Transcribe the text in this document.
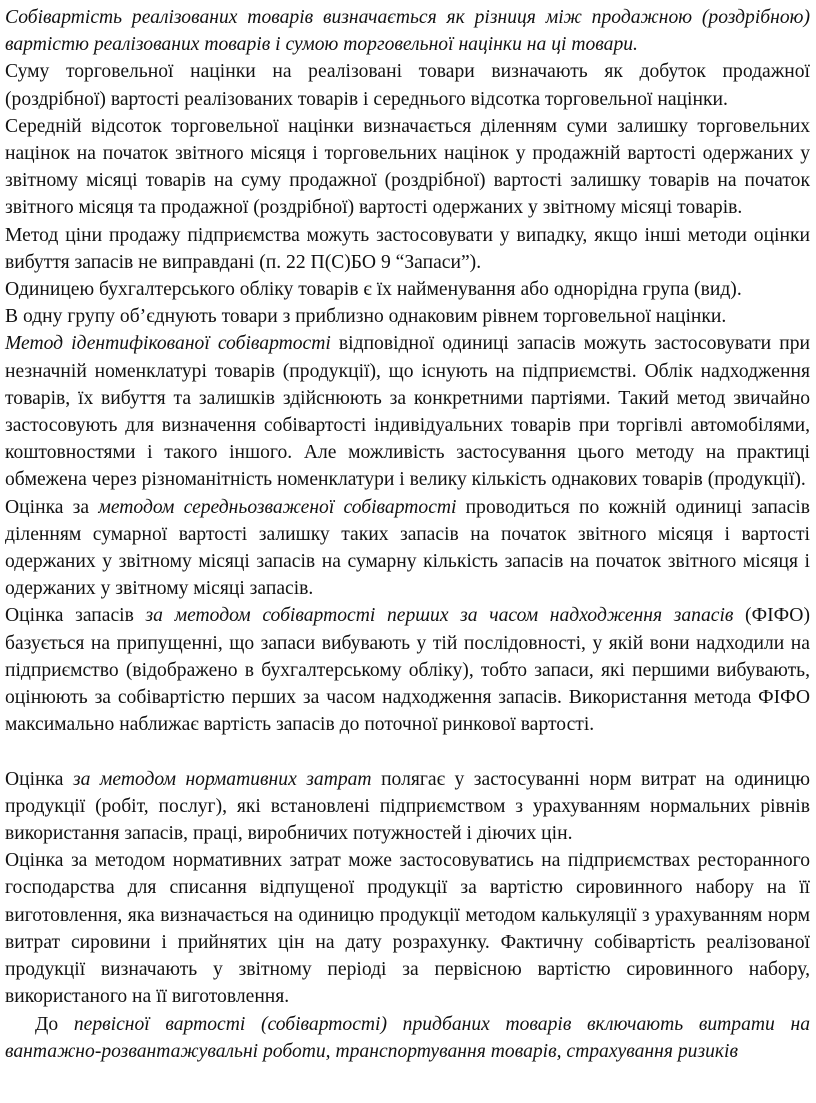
Собівартість реалізованих товарів визначається як різниця між продажною (роздрібною) вартістю реалізованих товарів і сумою торговельної націнки на ці товари.

Суму торговельної націнки на реалізовані товари визначають як добуток продажної (роздрібної) вартості реалізованих товарів і середнього відсотка торговельної націнки.

Середній відсоток торговельної націнки визначається діленням суми залишку торговельних націнок на початок звітного місяця і торговельних націнок у продажній вартості одержаних у звітному місяці товарів на суму продажної (роздрібної) вартості залишку товарів на початок звітного місяця та продажної (роздрібної) вартості одержаних у звітному місяці товарів.

Метод ціни продажу підприємства можуть застосовувати у випадку, якщо інші методи оцінки вибуття запасів не виправдані (п. 22 П(С)БО 9 “Запаси”).

Одиницею бухгалтерського обліку товарів є їх найменування або однорідна група (вид).

В одну групу об’єднують товари з приблизно однаковим рівнем торговельної націнки.

Метод ідентифікованої собівартості відповідної одиниці запасів можуть застосовувати при незначній номенклатурі товарів (продукції), що існують на підприємстві. Облік надходження товарів, їх вибуття та залишків здійснюють за конкретними партіями. Такий метод звичайно застосовують для визначення собівартості індивідуальних товарів при торгівлі автомобілями, коштовностями і такого іншого. Але можливість застосування цього методу на практиці обмежена через різноманітність номенклатури і велику кількість однакових товарів (продукції).

Оцінка за методом середньозваженої собівартості проводиться по кожній одиниці запасів діленням сумарної вартості залишку таких запасів на початок звітного місяця і вартості одержаних у звітному місяці запасів на сумарну кількість запасів на початок звітного місяця і одержаних у звітному місяці запасів.

Оцінка запасів за методом собівартості перших за часом надходження запасів (ФІФО) базується на припущенні, що запаси вибувають у тій послідовності, у якій вони надходили на підприємство (відображено в бухгалтерському обліку), тобто запаси, які першими вибувають, оцінюють за собівартістю перших за часом надходження запасів. Використання метода ФІФО максимально наближає вартість запасів до поточної ринкової вартості.

Оцінка за методом нормативних затрат полягає у застосуванні норм витрат на одиницю продукції (робіт, послуг), які встановлені підприємством з урахуванням нормальних рівнів використання запасів, праці, виробничих потужностей і діючих цін.

Оцінка за методом нормативних затрат може застосовуватись на підприємствах ресторанного господарства для списання відпущеної продукції за вартістю сировинного набору на її виготовлення, яка визначається на одиницю продукції методом калькуляції з урахуванням норм витрат сировини і прийнятих цін на дату розрахунку. Фактичну собівартість реалізованої продукції визначають у звітному періоді за первісною вартістю сировинного набору, використаного на її виготовлення.

До первісної вартості (собівартості) придбаних товарів включають витрати на вантажно-розвантажувальні роботи, транспортування товарів, страхування ризиків
